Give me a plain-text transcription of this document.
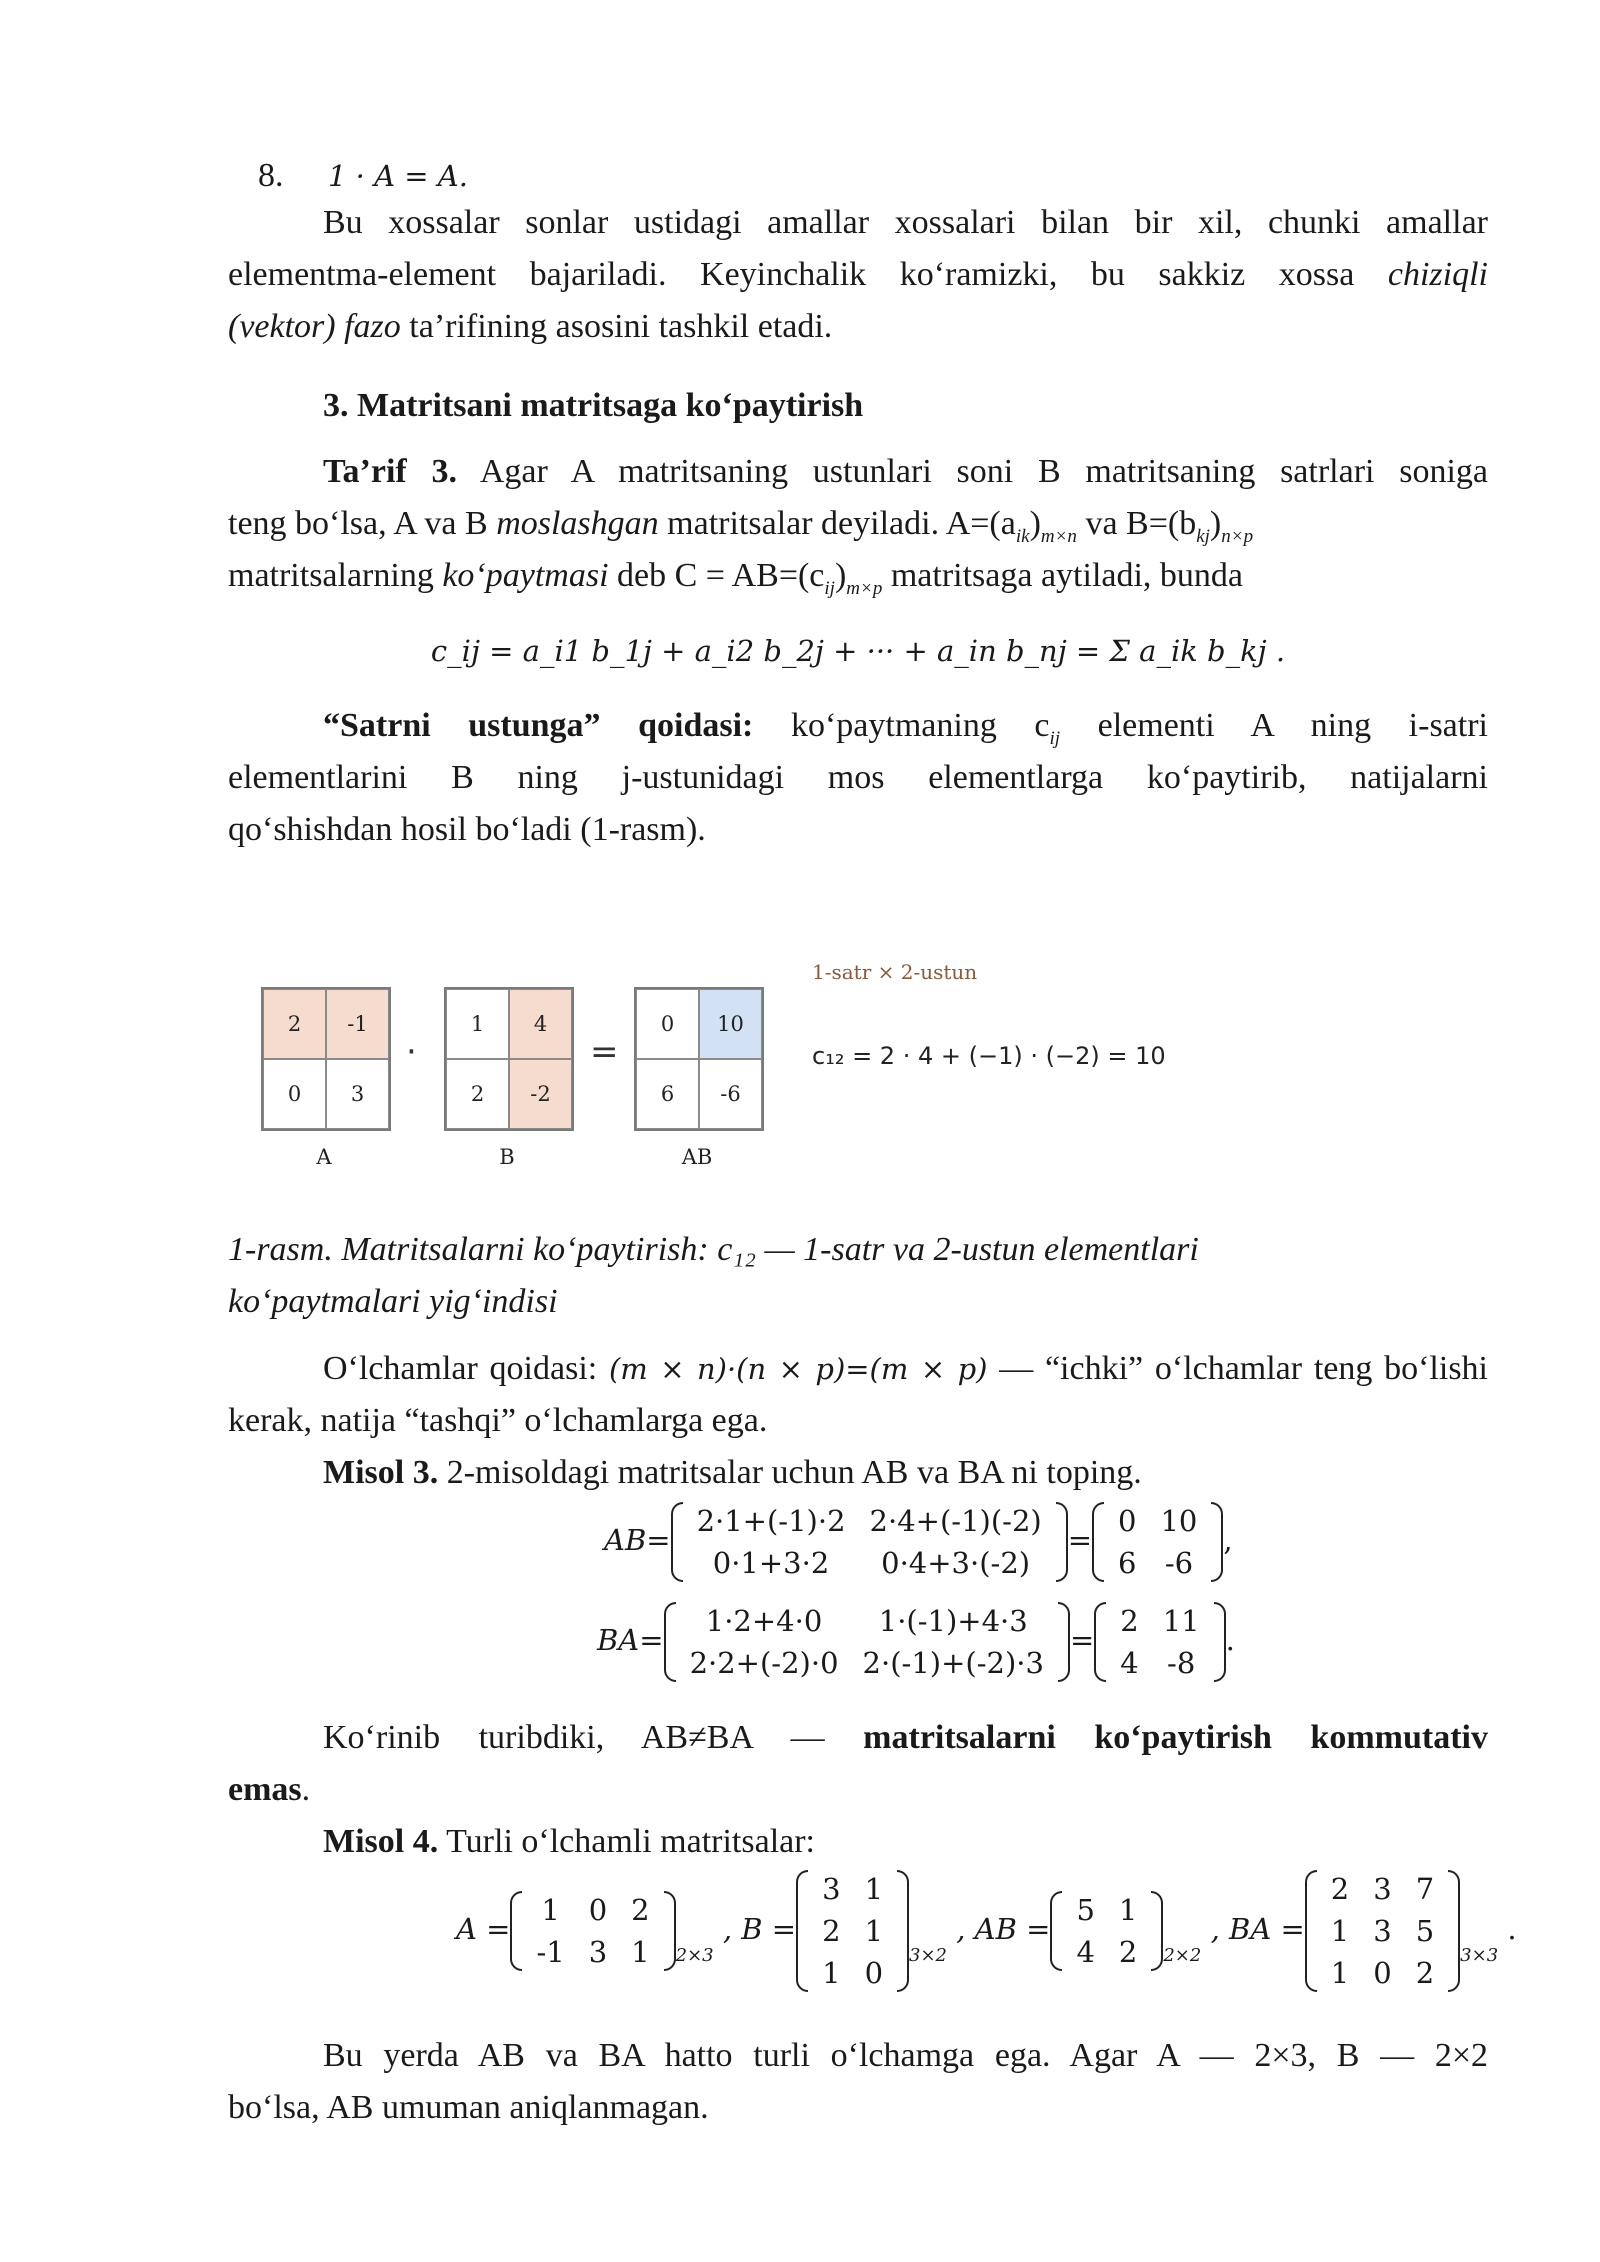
8. 1 · A = A.
Bu xossalar sonlar ustidagi amallar xossalari bilan bir xil, chunki amallar
elementma-element bajariladi. Keyinchalik ko‘ramizki, bu sakkiz xossa chiziqli
(vektor) fazo ta’rifining asosini tashkil etadi.
3. Matritsani matritsaga ko‘paytirish
Ta’rif 3. Agar A matritsaning ustunlari soni B matritsaning satrlari soniga
teng bo‘lsa, A va B moslashgan matritsalar deyiladi. $A=(a_{ik})_{m\times n}$ va $B=(b_{kj})_{n\times p}$
matritsalarning ko‘paytmasi deb $C = AB=(c_{ij})_{m\times p}$ matritsaga aytiladi, bunda
c_ij = a_i1 b_1j + a_i2 b_2j + ··· + a_in b_nj = Σ a_ik b_kj .
“Satrni ustunga” qoidasi: ko‘paytmaning $c_{ij}$ elementi A ning i-satri
elementlarini B ning j-ustunidagi mos elementlarga ko‘paytirib, natijalarni
qo‘shishdan hosil bo‘ladi (1-rasm).
1-satr × 2-ustun
2	-1
0	3
·
1	4
2	-2
=
0	10
6	-6
A	B	AB
c₁₂ = 2 · 4 + (−1) · (−2) = 10
1-rasm. Matritsalarni ko‘paytirish: c₁₂ — 1-satr va 2-ustun elementlari
ko‘paytmalari yig‘indisi
O‘lchamlar qoidasi: (m × n)·(n × p)=(m × p) — “ichki” o‘lchamlar teng bo‘lishi
kerak, natija “tashqi” o‘lchamlarga ega.
Misol 3. 2-misoldagi matritsalar uchun AB va BA ni toping.
AB=
2·1+(-1)·2	2·4+(-1)(-2)
0·1+3·2	0·4+3·(-2)
=
0	10
6	-6
,
BA=
1·2+4·0	1·(-1)+4·3
2·2+(-2)·0	2·(-1)+(-2)·3
=
2	11
4	-8
.
Ko‘rinib turibdiki, AB≠BA — matritsalarni ko‘paytirish kommutativ
emas.
Misol 4. Turli o‘lchamli matritsalar:
A =
1	0	2
-1	3	1 $_{2\times 3}$ , B =
3	1
2	1
1	0
$_{3\times 2}$ , AB =
5	1
4	2 $_{2\times 2}$ , BA =
2	3	7
1	3	5
1	0	2
$_{3\times 3}$ .
Bu yerda AB va BA hatto turli o‘lchamga ega. Agar A — 2×3, B — 2×2
bo‘lsa, AB umuman aniqlanmagan.
